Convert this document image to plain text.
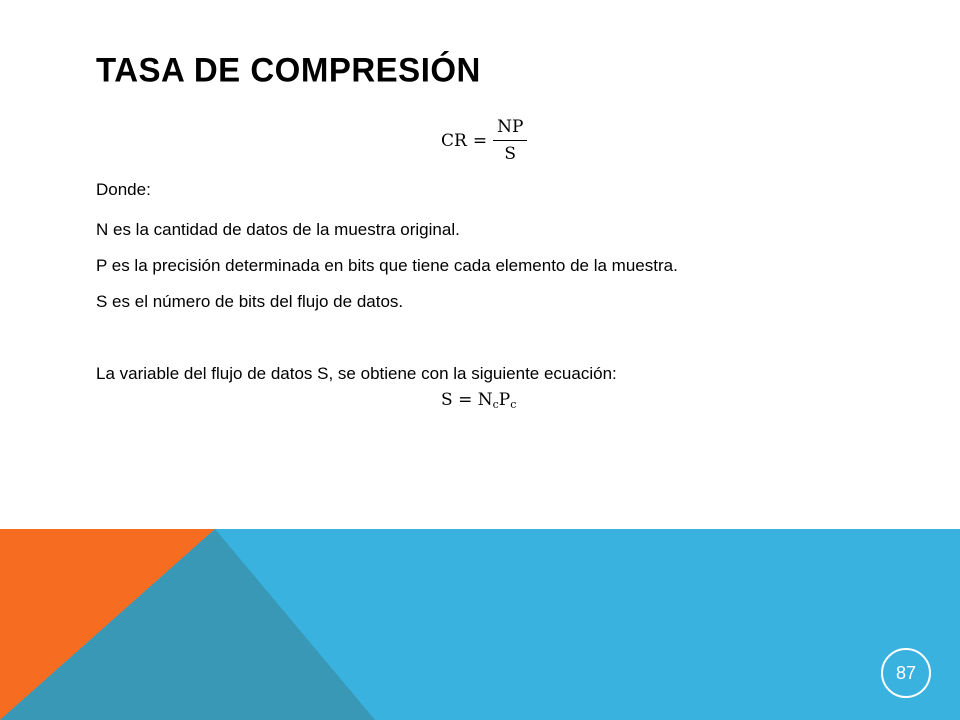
TASA DE COMPRESIÓN
CR = $\frac{NP}{S}$

Donde:

N es la cantidad de datos de la muestra original.

P es la precisión determinada en bits que tiene cada elemento de la muestra.

S es el número de bits del flujo de datos.

La variable del flujo de datos S, se obtiene con la siguiente ecuación:

$S = N_cP_c$
87
